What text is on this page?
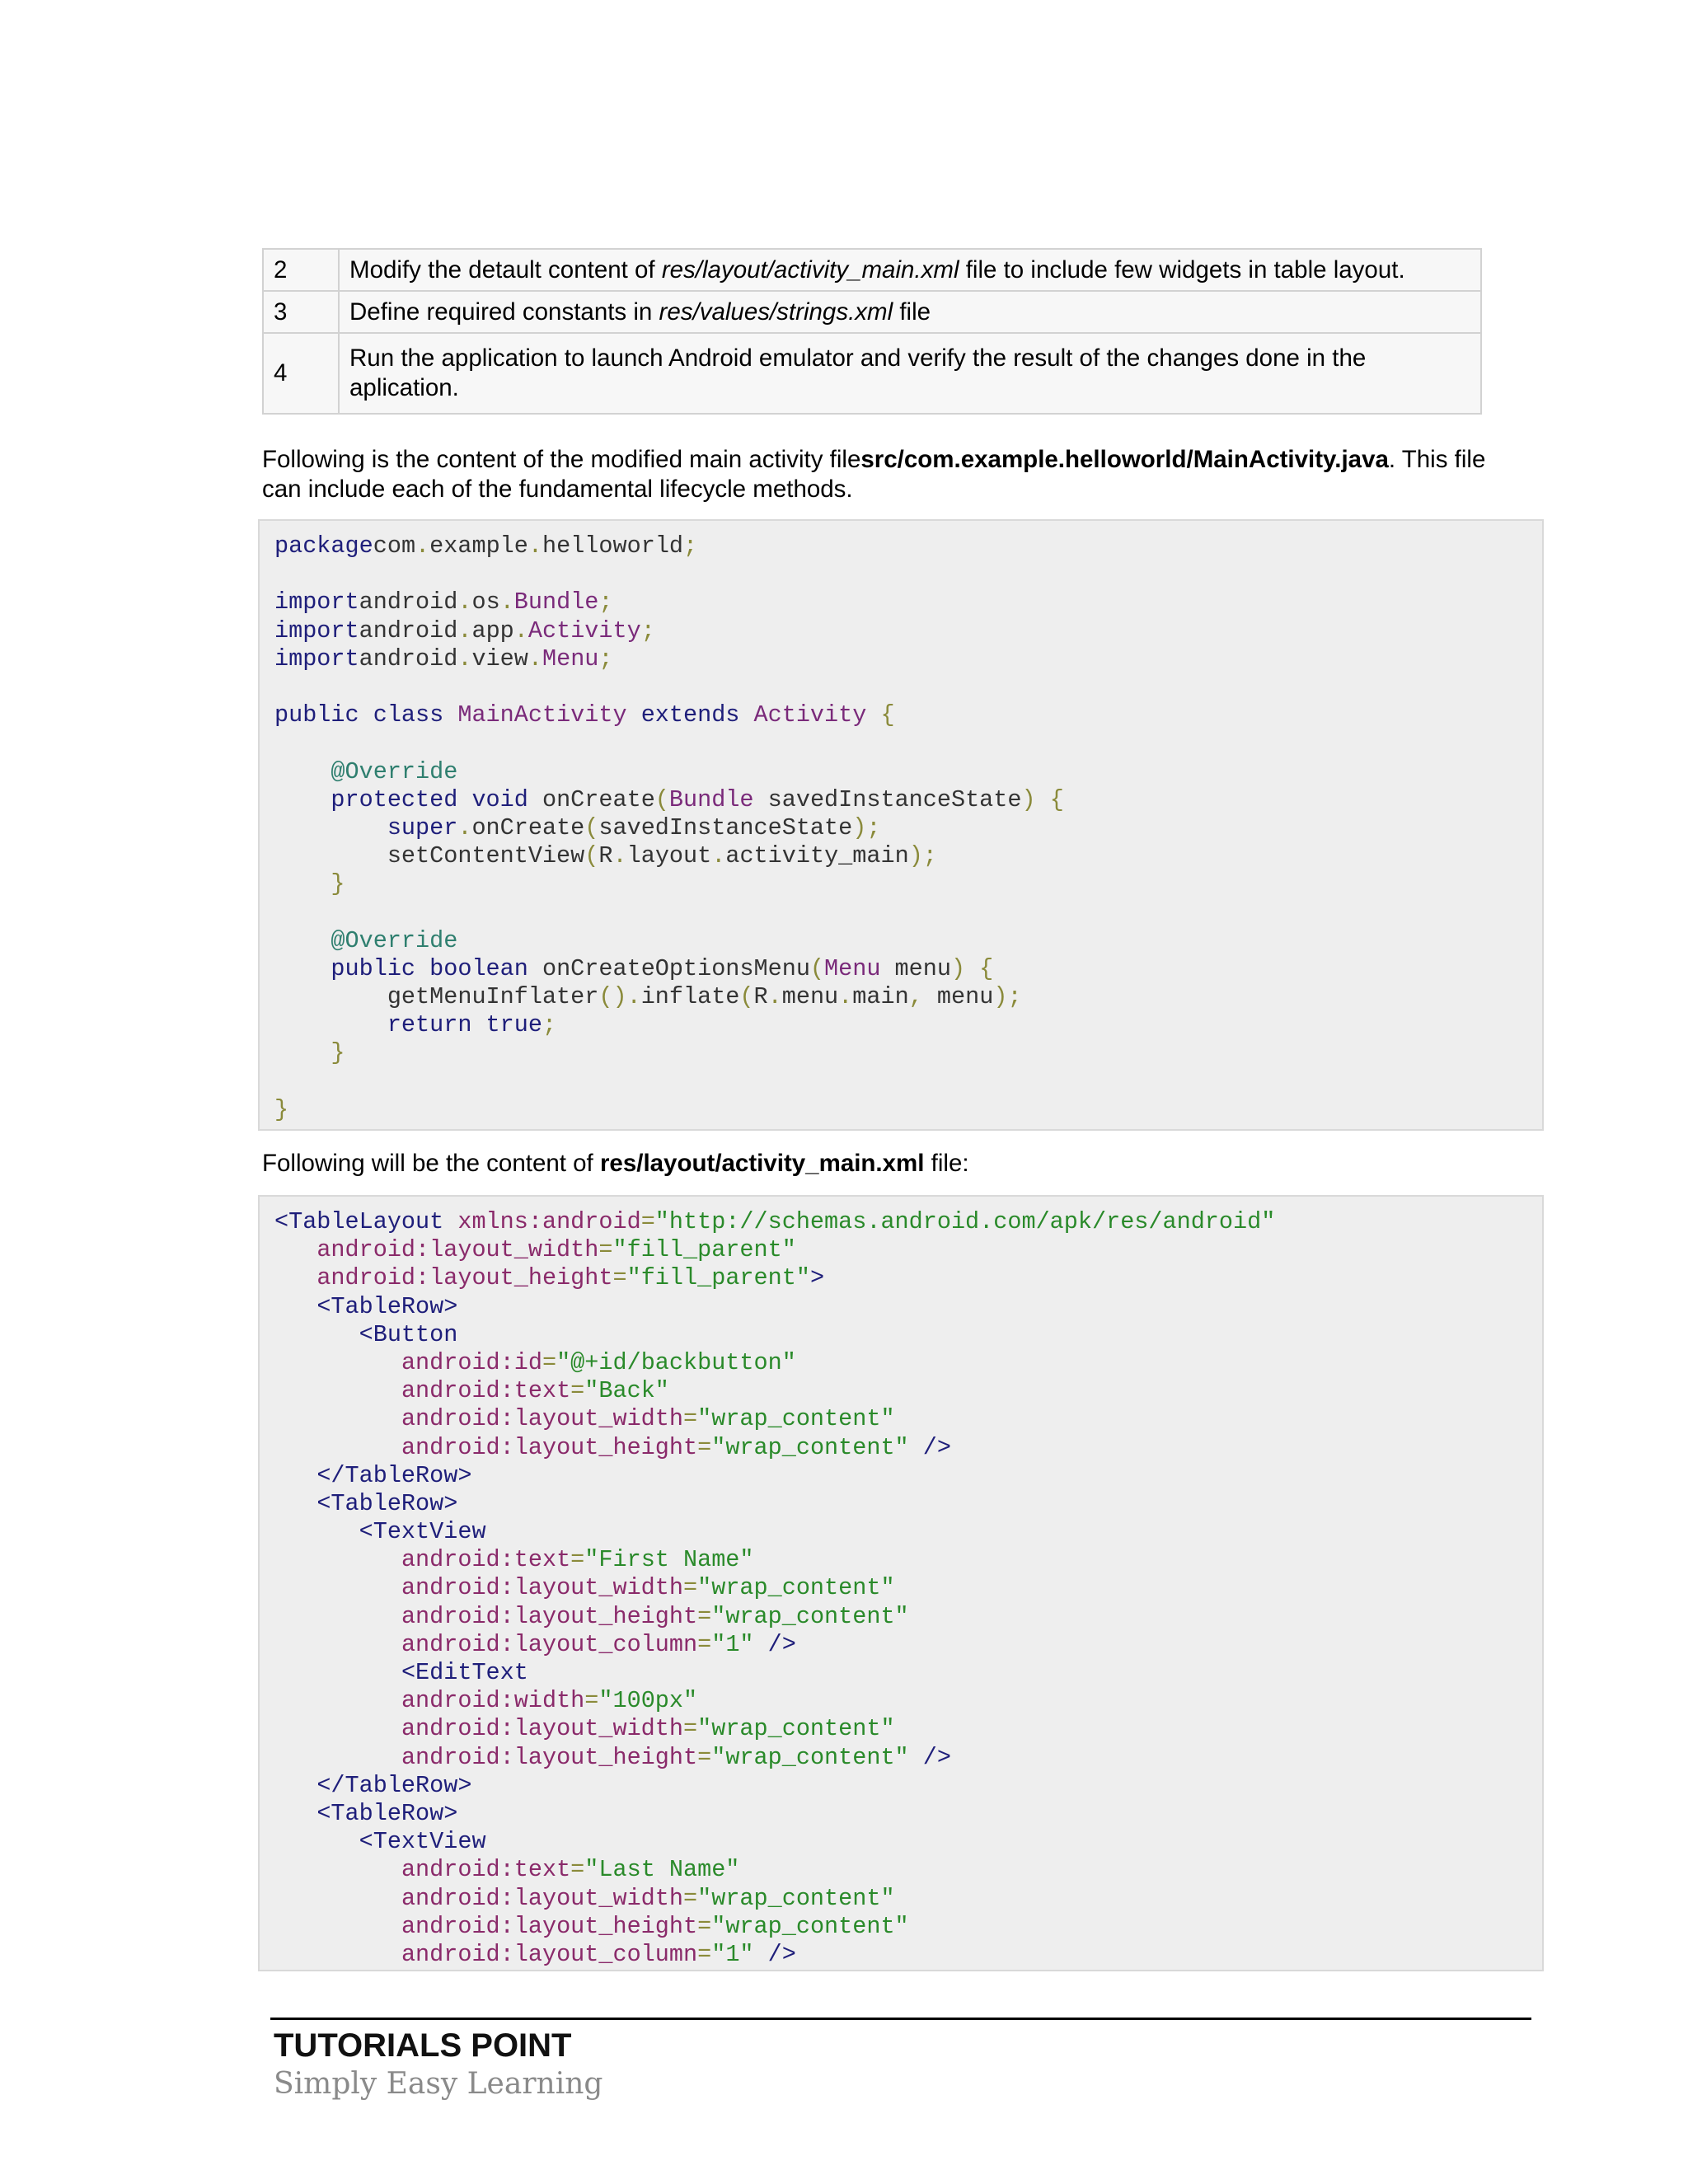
2	Modify the detault content of res/layout/activity_main.xml file to include few widgets in table layout.
3	Define required constants in res/values/strings.xml file
4	Run the application to launch Android emulator and verify the result of the changes done in the aplication.
Following is the content of the modified main activity filesrc/com.example.helloworld/MainActivity.java. This file can include each of the fundamental lifecycle methods.
packagecom.example.helloworld;

importandroid.os.Bundle;
importandroid.app.Activity;
importandroid.view.Menu;

public class MainActivity extends Activity {

@Override
protected void onCreate(Bundle savedInstanceState) {
super.onCreate(savedInstanceState);
setContentView(R.layout.activity_main);
}

@Override
public boolean onCreateOptionsMenu(Menu menu) {
getMenuInflater().inflate(R.menu.main, menu);
return true;
}

}
Following will be the content of res/layout/activity_main.xml file:
<TableLayout xmlns:android="http://schemas.android.com/apk/res/android"
android:layout_width="fill_parent"
android:layout_height="fill_parent">
<TableRow>
<Button
android:id="@+id/backbutton"
android:text="Back"
android:layout_width="wrap_content"
android:layout_height="wrap_content" />
</TableRow>
<TableRow>
<TextView
android:text="First Name"
android:layout_width="wrap_content"
android:layout_height="wrap_content"
android:layout_column="1" />
<EditText
android:width="100px"
android:layout_width="wrap_content"
android:layout_height="wrap_content" />
</TableRow>
<TableRow>
<TextView
android:text="Last Name"
android:layout_width="wrap_content"
android:layout_height="wrap_content"
android:layout_column="1" />
TUTORIALS POINT
Simply Easy Learning
